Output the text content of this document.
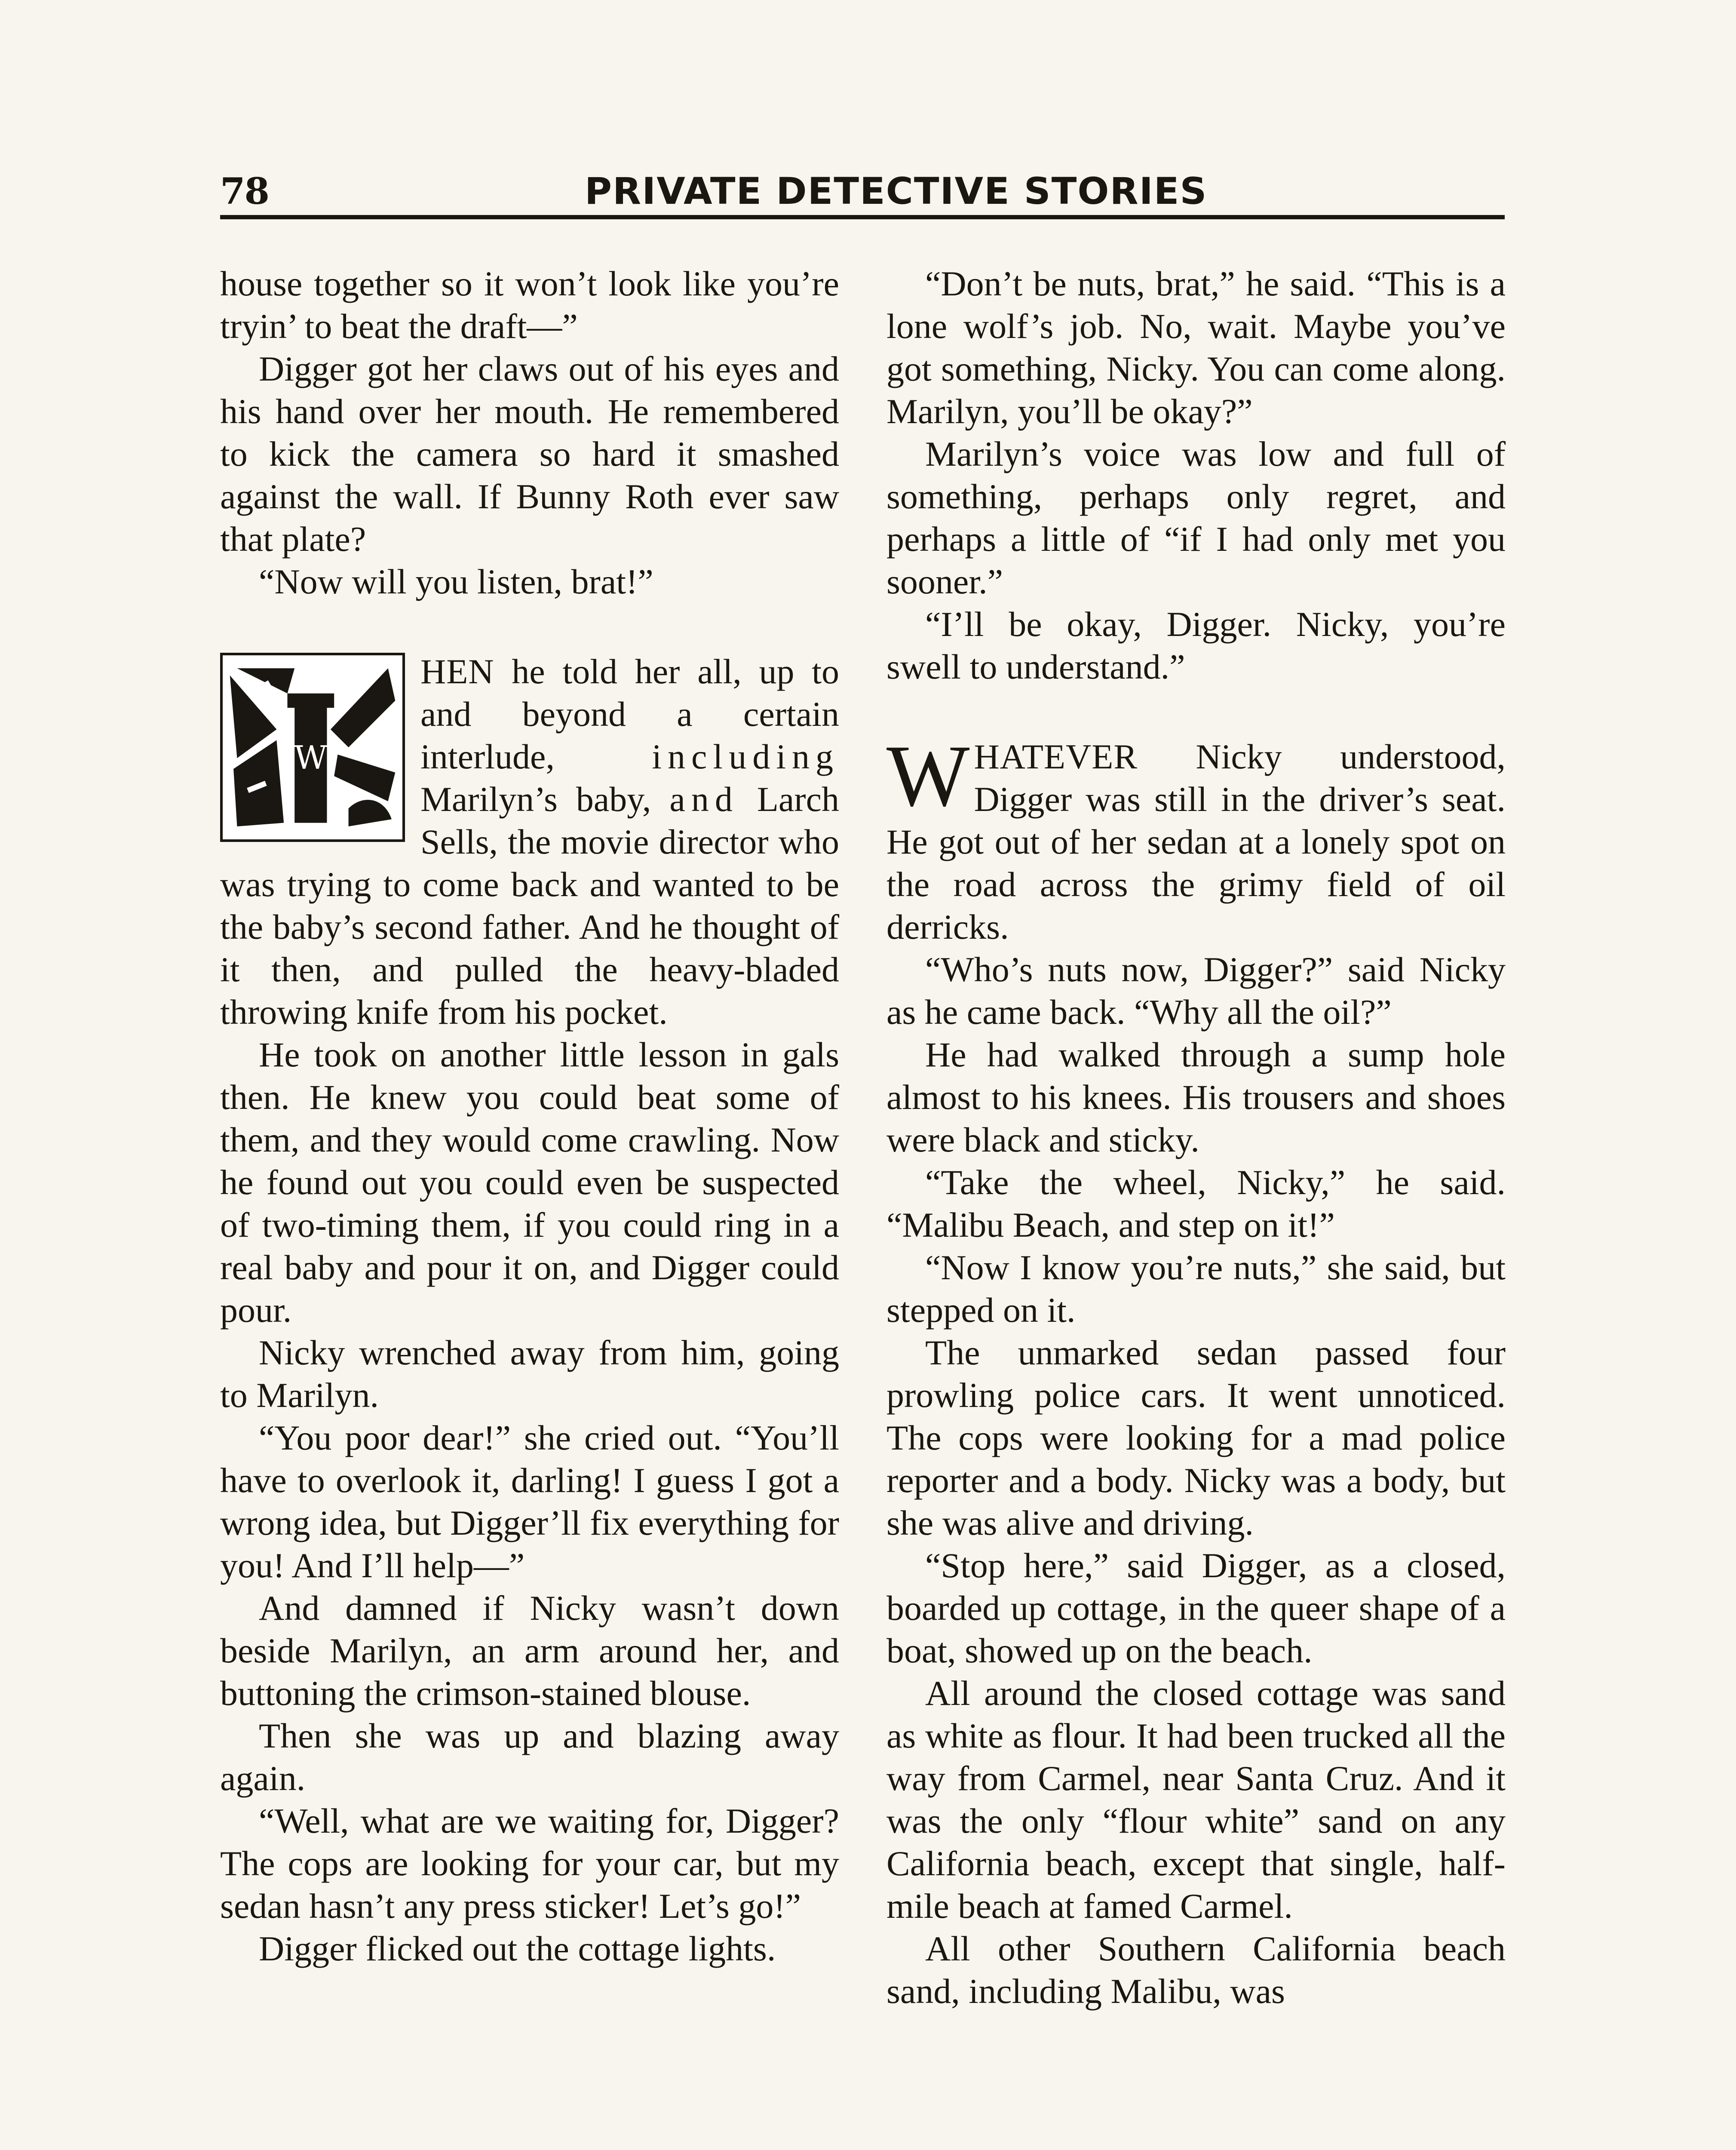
78	PRIVATE DETECTIVE STORIES

house together so it won’t look like you’re tryin’ to beat the draft—”

Digger got her claws out of his eyes and his hand over her mouth. He remembered to kick the camera so hard it smashed against the wall. If Bunny Roth ever saw that plate?

“Now will you listen, brat!”

W
HEN he told her all, up to and beyond a certain interlude, including Marilyn’s baby, and Larch Sells, the movie director who was trying to come back and wanted to be the baby’s second father. And he thought of it then, and pulled the heavy-bladed throwing knife from his pocket.

He took on another little lesson in gals then. He knew you could beat some of them, and they would come crawling. Now he found out you could even be suspected of two-timing them, if you could ring in a real baby and pour it on, and Digger could pour.

Nicky wrenched away from him, going to Marilyn.

“You poor dear!” she cried out. “You’ll have to overlook it, darling! I guess I got a wrong idea, but Digger’ll fix everything for you! And I’ll help—”

And damned if Nicky wasn’t down beside Marilyn, an arm around her, and buttoning the crimson-stained blouse.

Then she was up and blazing away again.

“Well, what are we waiting for, Digger? The cops are looking for your car, but my sedan hasn’t any press sticker! Let’s go!”

Digger flicked out the cottage lights.

“Don’t be nuts, brat,” he said. “This is a lone wolf’s job. No, wait. Maybe you’ve got something, Nicky. You can come along. Marilyn, you’ll be okay?”

Marilyn’s voice was low and full of something, perhaps only regret, and perhaps a little of “if I had only met you sooner.”

“I’ll be okay, Digger. Nicky, you’re swell to understand.”

WHATEVER Nicky understood, Digger was still in the driver’s seat. He got out of her sedan at a lonely spot on the road across the grimy field of oil derricks.

“Who’s nuts now, Digger?” said Nicky as he came back. “Why all the oil?”

He had walked through a sump hole almost to his knees. His trousers and shoes were black and sticky.

“Take the wheel, Nicky,” he said. “Malibu Beach, and step on it!”

“Now I know you’re nuts,” she said, but stepped on it.

The unmarked sedan passed four prowling police cars. It went unnoticed. The cops were looking for a mad police reporter and a body. Nicky was a body, but she was alive and driving.

“Stop here,” said Digger, as a closed, boarded up cottage, in the queer shape of a boat, showed up on the beach.

All around the closed cottage was sand as white as flour. It had been trucked all the way from Carmel, near Santa Cruz. And it was the only “flour white” sand on any California beach, except that single, half-mile beach at famed Carmel.

All other Southern California beach sand, including Malibu, was
